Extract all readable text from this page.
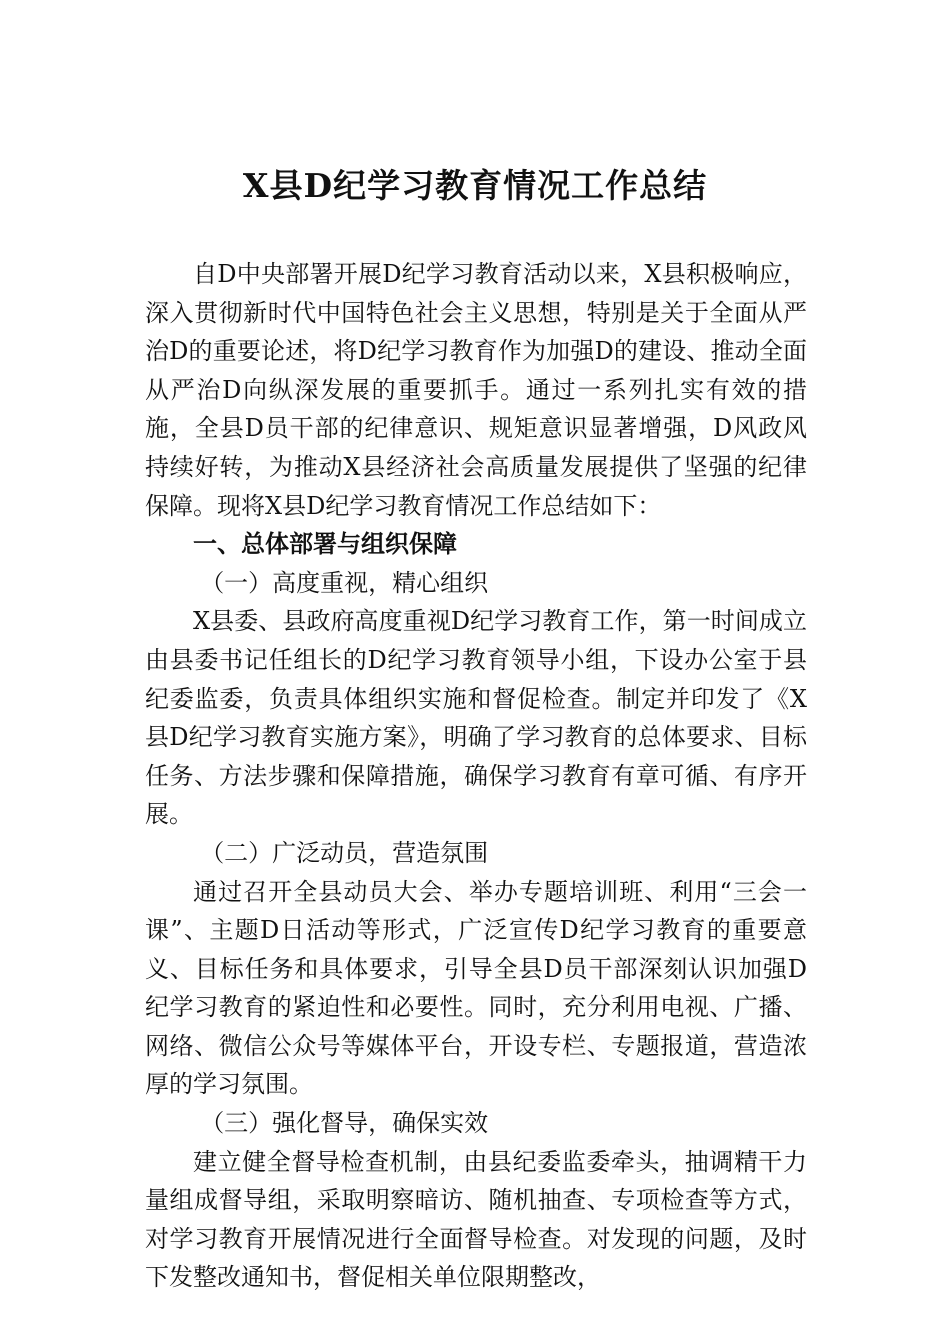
X县D纪学习教育情况工作总结

自D中央部署开展D纪学习教育活动以来，X县积极响应，深入贯彻新时代中国特色社会主义思想，特别是关于全面从严治D的重要论述，将D纪学习教育作为加强D的建设、推动全面从严治D向纵深发展的重要抓手。通过一系列扎实有效的措施，全县D员干部的纪律意识、规矩意识显著增强，D风政风持续好转，为推动X县经济社会高质量发展提供了坚强的纪律保障。现将X县D纪学习教育情况工作总结如下：

一、总体部署与组织保障

（一）高度重视，精心组织

X县委、县政府高度重视D纪学习教育工作，第一时间成立由县委书记任组长的D纪学习教育领导小组，下设办公室于县纪委监委，负责具体组织实施和督促检查。制定并印发了《X县D纪学习教育实施方案》，明确了学习教育的总体要求、目标任务、方法步骤和保障措施，确保学习教育有章可循、有序开展。

（二）广泛动员，营造氛围

通过召开全县动员大会、举办专题培训班、利用“三会一课”、主题D日活动等形式，广泛宣传D纪学习教育的重要意义、目标任务和具体要求，引导全县D员干部深刻认识加强D纪学习教育的紧迫性和必要性。同时，充分利用电视、广播、网络、微信公众号等媒体平台，开设专栏、专题报道，营造浓厚的学习氛围。

（三）强化督导，确保实效

建立健全督导检查机制，由县纪委监委牵头，抽调精干力量组成督导组，采取明察暗访、随机抽查、专项检查等方式，对学习教育开展情况进行全面督导检查。对发现的问题，及时下发整改通知书，督促相关单位限期整改，
